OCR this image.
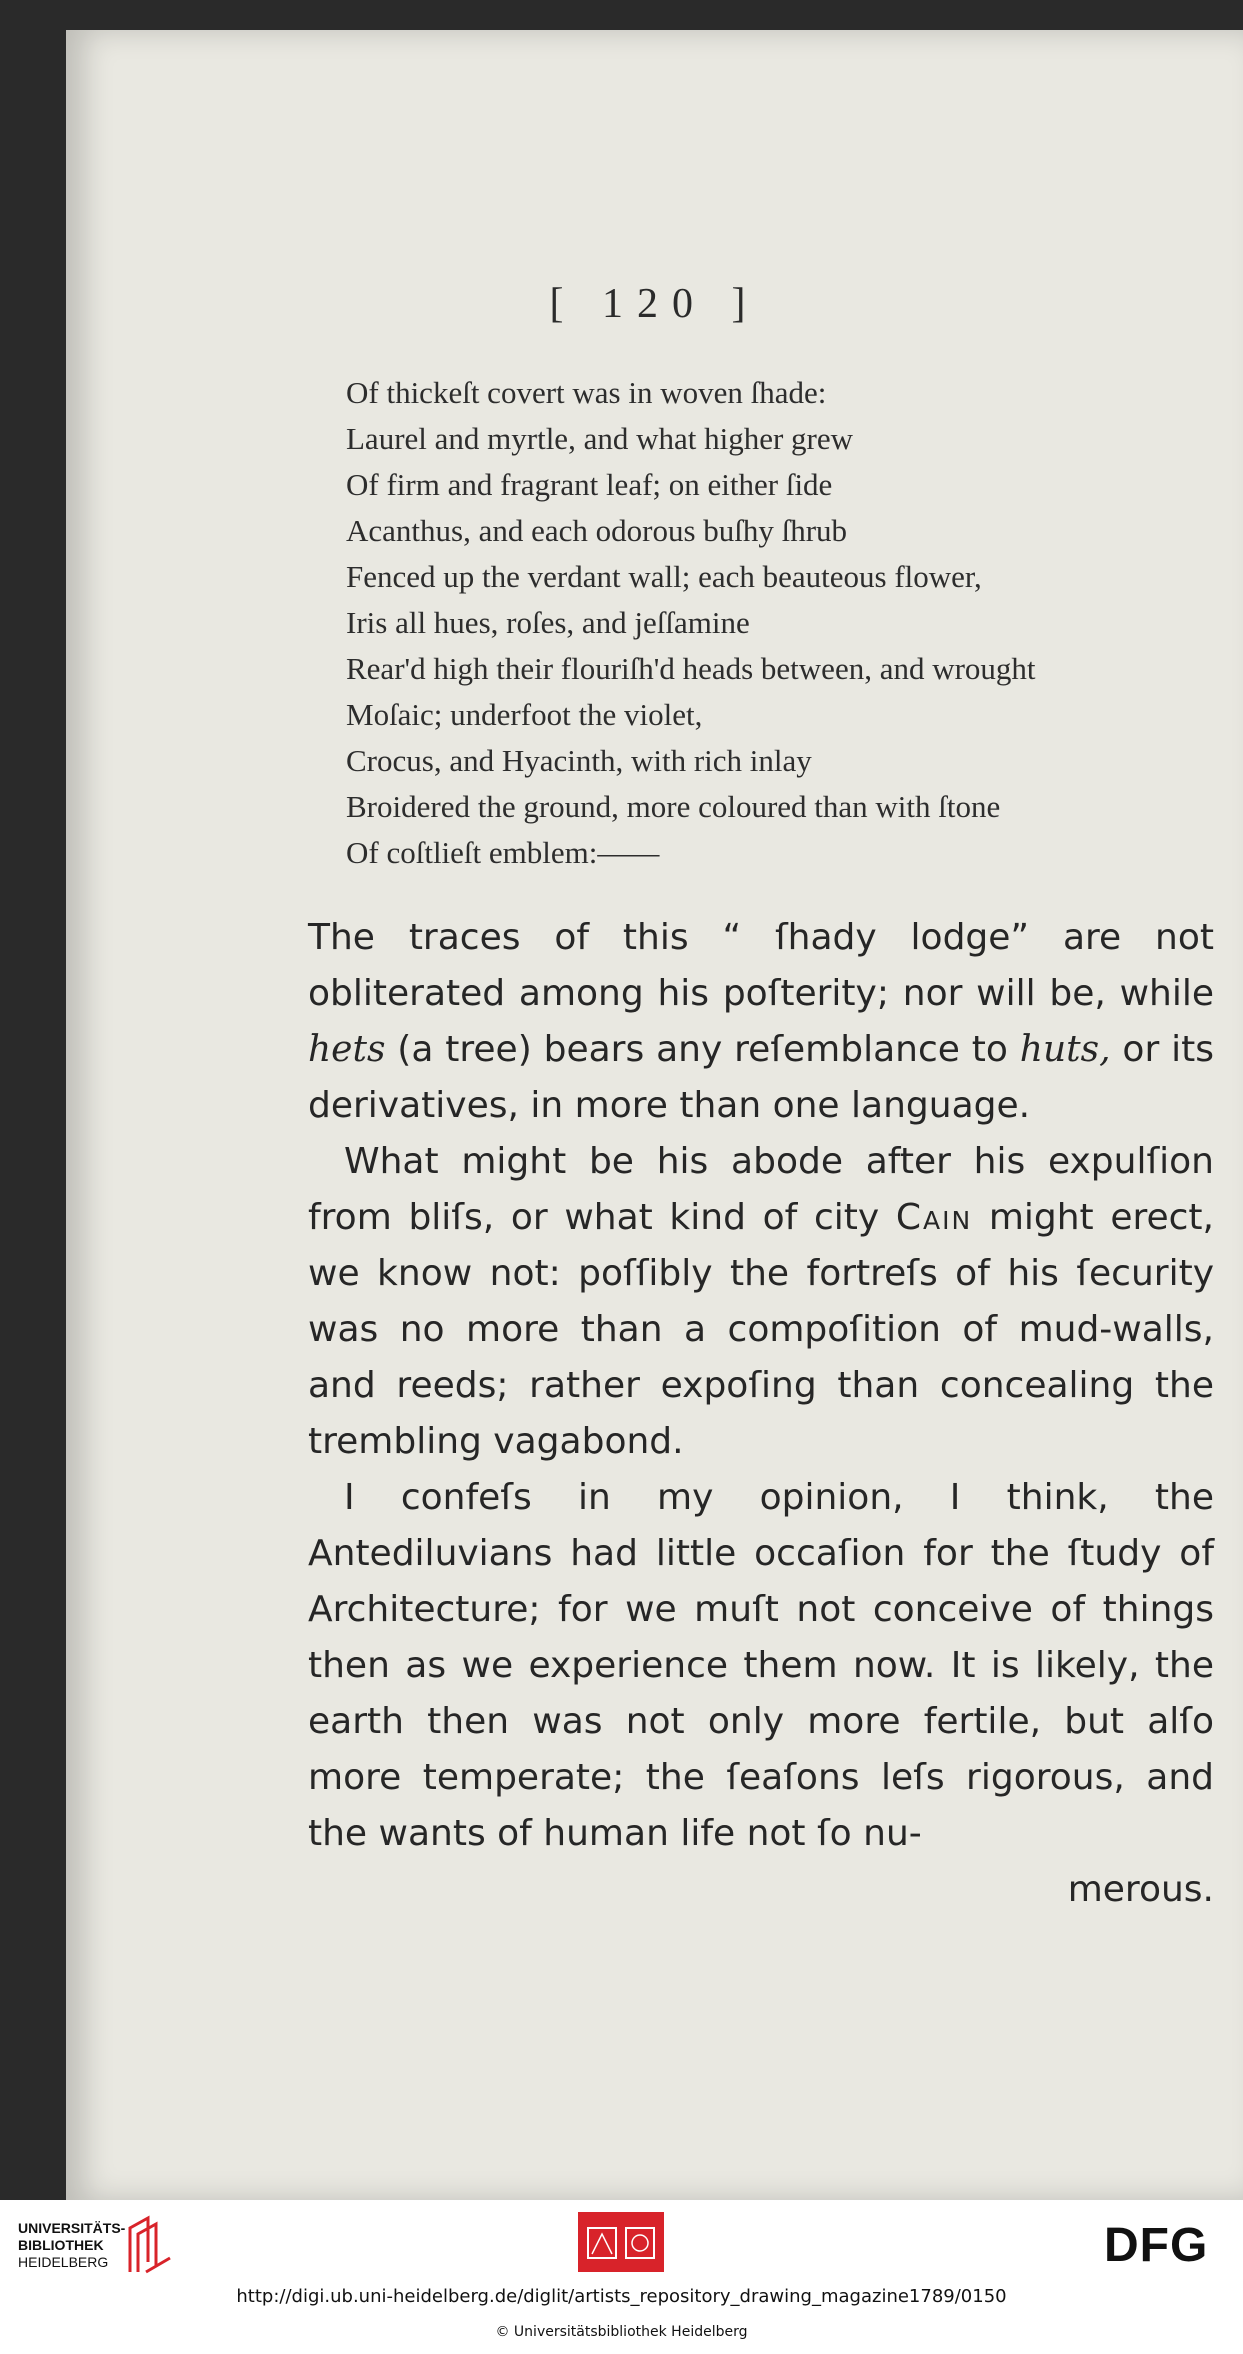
[ 120 ]
Of thickeſt covert was in woven ſhade:
Laurel and myrtle, and what higher grew
Of firm and fragrant leaf; on either ſide
Acanthus, and each odorous buſhy ſhrub
Fenced up the verdant wall; each beauteous flower,
Iris all hues, roſes, and jeſſamine
Rear'd high their flouriſh'd heads between, and wrought
Moſaic; underfoot the violet,
Crocus, and Hyacinth, with rich inlay
Broidered the ground, more coloured than with ſtone
Of coſtlieſt emblem:——

The traces of this “ ſhady lodge” are not obliterated among his poſterity; nor will be, while hets (a tree) bears any reſemblance to huts, or its derivatives, in more than one language.

What might be his abode after his expulſion from bliſs, or what kind of city Cain might erect, we know not: poſſibly the fortreſs of his ſecurity was no more than a compoſition of mud-walls, and reeds; rather expoſing than concealing the trembling vagabond.

I confeſs in my opinion, I think, the Antediluvians had little occaſion for the ſtudy of Architecture; for we muſt not conceive of things then as we experience them now. It is likely, the earth then was not only more fertile, but alſo more temperate; the ſeaſons leſs rigorous, and the wants of human life not ſo nu-

merous.

UNIVERSITÄTS-
BIBLIOTHEK
HEIDELBERG	DFG
http://digi.ub.uni-heidelberg.de/diglit/artists_repository_drawing_magazine1789/0150
© Universitätsbibliothek Heidelberg
